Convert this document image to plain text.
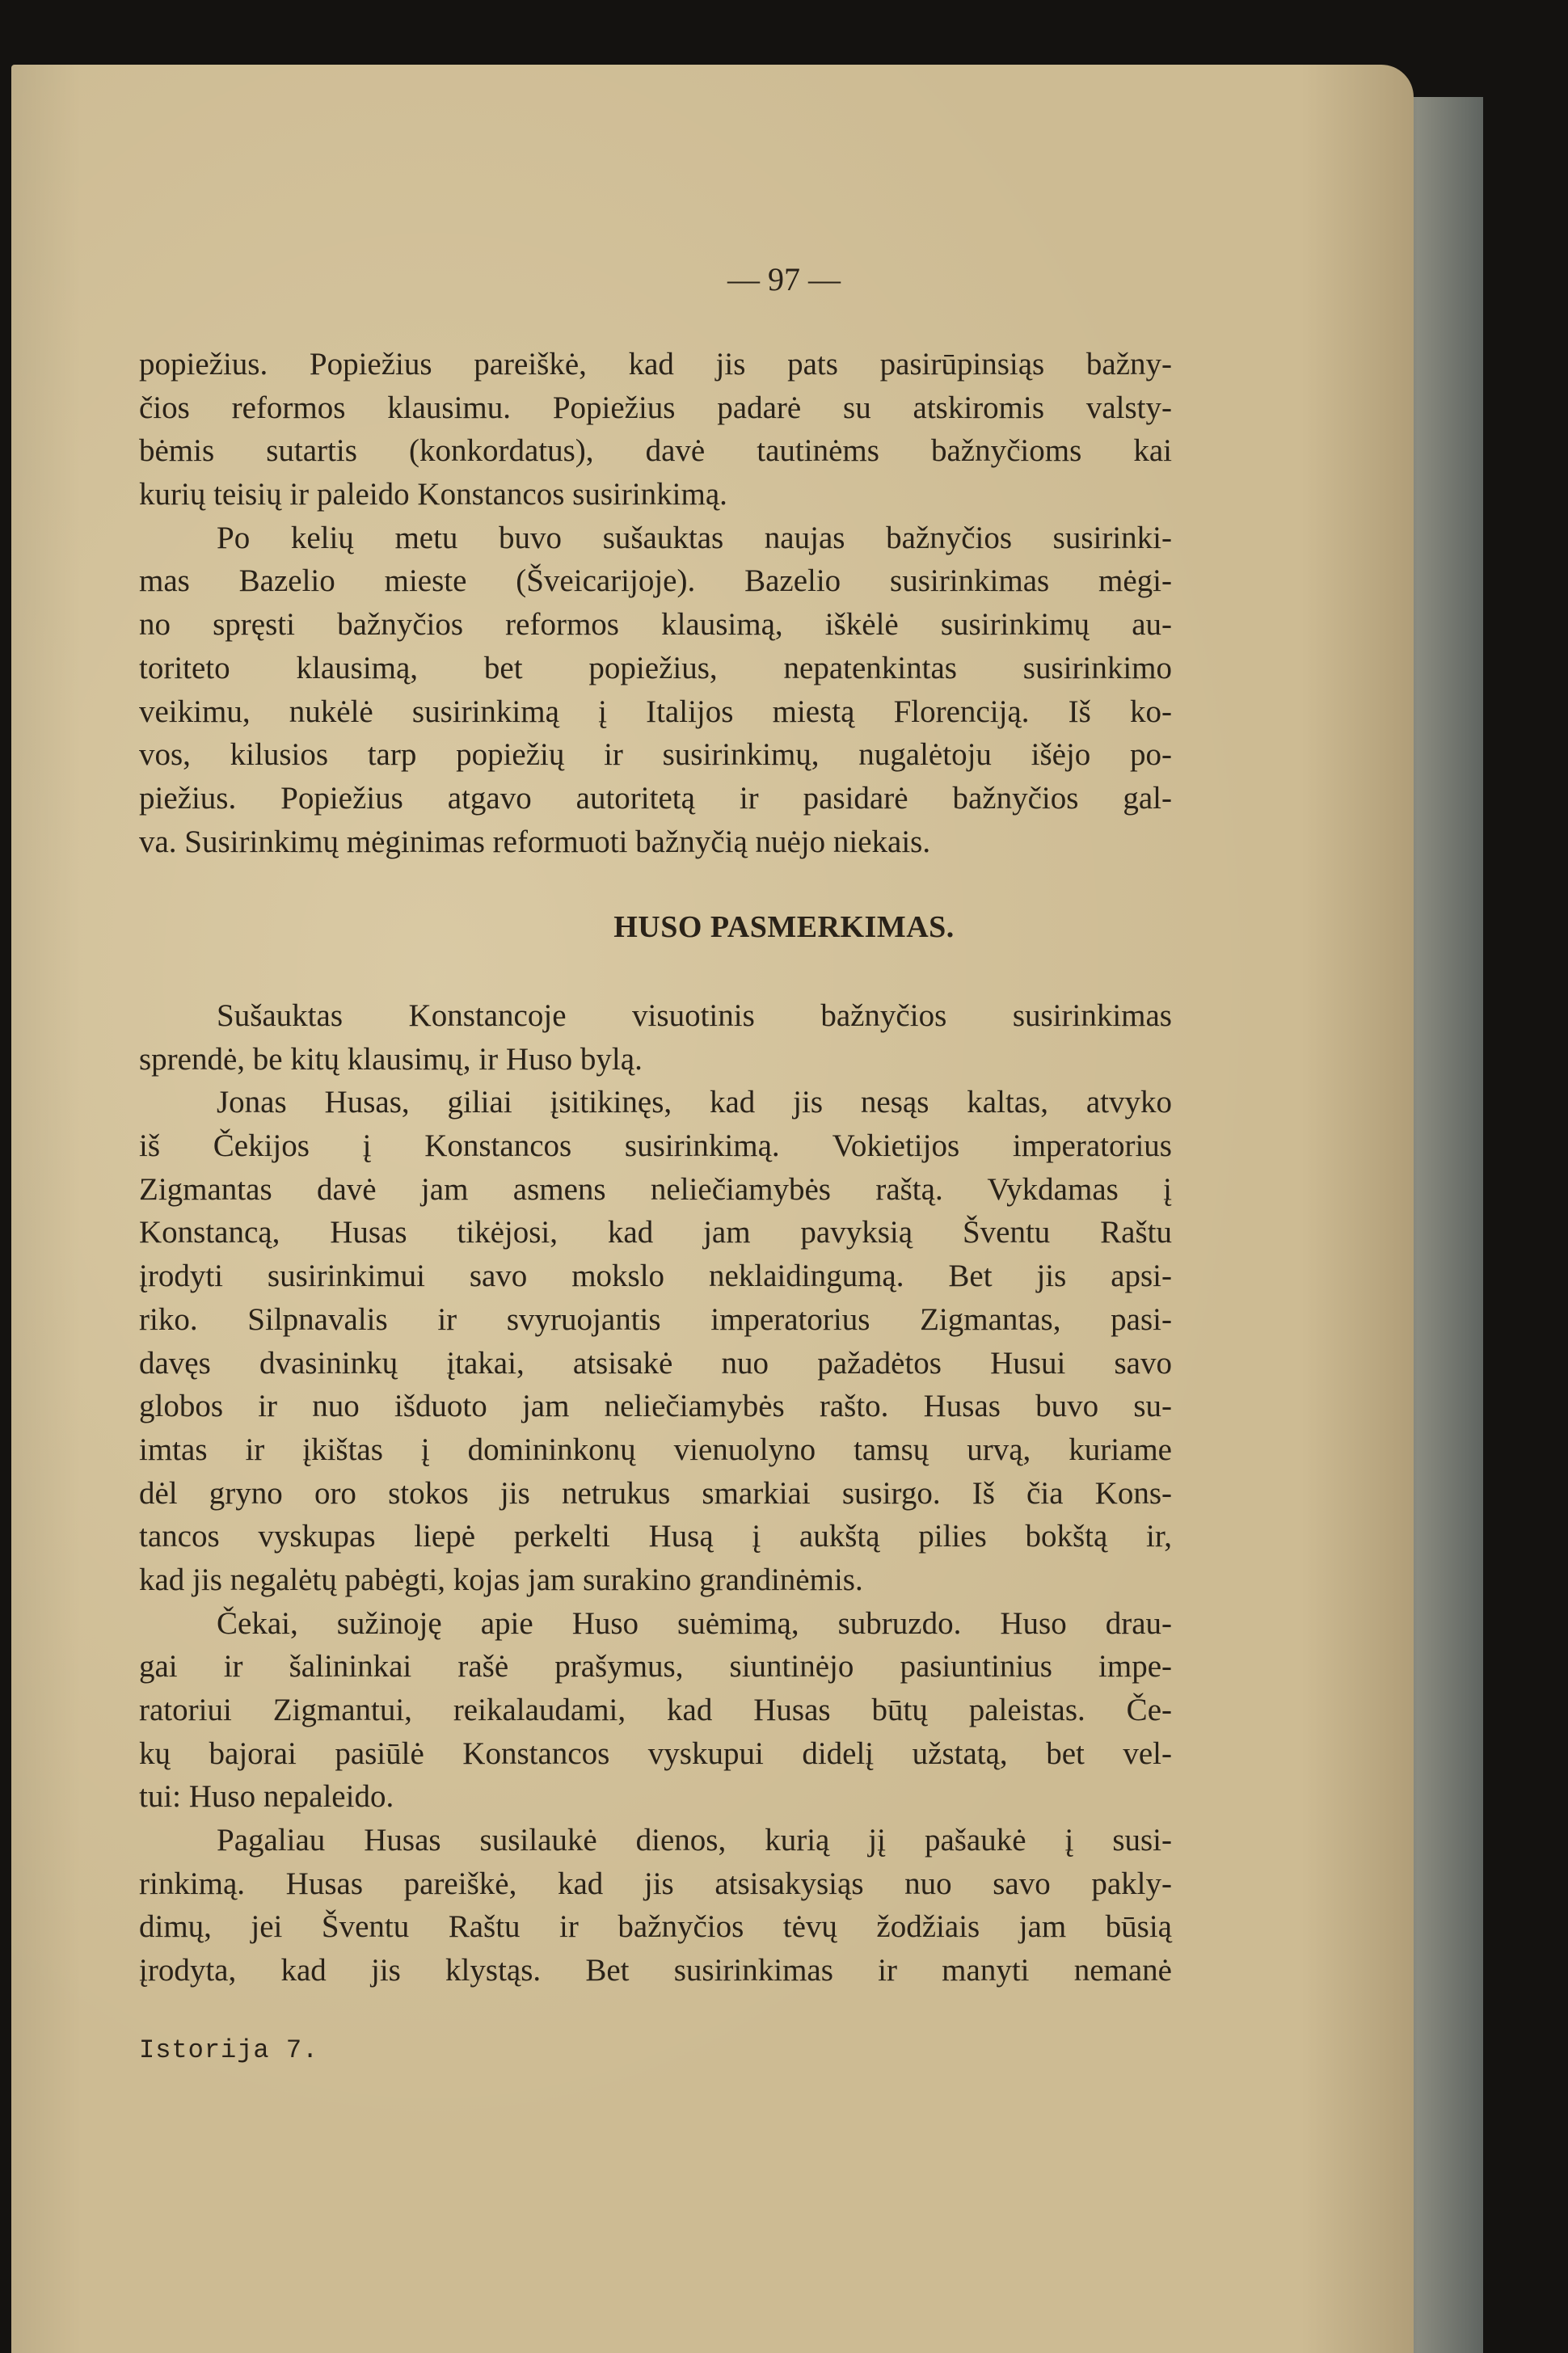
— 97 —
popiežius. Popiežius pareiškė, kad jis pats pasirūpinsiąs bažny-
čios reformos klausimu. Popiežius padarė su atskiromis valsty-
bėmis sutartis (konkordatus), davė tautinėms bažnyčioms kai
kurių teisių ir paleido Konstancos susirinkimą.
Po kelių metu buvo sušauktas naujas bažnyčios susirinki-
mas Bazelio mieste (Šveicarijoje). Bazelio susirinkimas mėgi-
no spręsti bažnyčios reformos klausimą, iškėlė susirinkimų au-
toriteto klausimą, bet popiežius, nepatenkintas susirinkimo
veikimu, nukėlė susirinkimą į Italijos miestą Florenciją. Iš ko-
vos, kilusios tarp popiežių ir susirinkimų, nugalėtoju išėjo po-
piežius. Popiežius atgavo autoritetą ir pasidarė bažnyčios gal-
va. Susirinkimų mėginimas reformuoti bažnyčią nuėjo niekais.
HUSO PASMERKIMAS.
Sušauktas Konstancoje visuotinis bažnyčios susirinkimas
sprendė, be kitų klausimų, ir Huso bylą.
Jonas Husas, giliai įsitikinęs, kad jis nesąs kaltas, atvyko
iš Čekijos į Konstancos susirinkimą. Vokietijos imperatorius
Zigmantas davė jam asmens neliečiamybės raštą. Vykdamas į
Konstancą, Husas tikėjosi, kad jam pavyksią Šventu Raštu
įrodyti susirinkimui savo mokslo neklaidingumą. Bet jis apsi-
riko. Silpnavalis ir svyruojantis imperatorius Zigmantas, pasi-
davęs dvasininkų įtakai, atsisakė nuo pažadėtos Husui savo
globos ir nuo išduoto jam neliečiamybės rašto. Husas buvo su-
imtas ir įkištas į domininkonų vienuolyno tamsų urvą, kuriame
dėl gryno oro stokos jis netrukus smarkiai susirgo. Iš čia Kons-
tancos vyskupas liepė perkelti Husą į aukštą pilies bokštą ir,
kad jis negalėtų pabėgti, kojas jam surakino grandinėmis.
Čekai, sužinoję apie Huso suėmimą, subruzdo. Huso drau-
gai ir šalininkai rašė prašymus, siuntinėjo pasiuntinius impe-
ratoriui Zigmantui, reikalaudami, kad Husas būtų paleistas. Če-
kų bajorai pasiūlė Konstancos vyskupui didelį užstatą, bet vel-
tui: Huso nepaleido.
Pagaliau Husas susilaukė dienos, kurią jį pašaukė į susi-
rinkimą. Husas pareiškė, kad jis atsisakysiąs nuo savo pakly-
dimų, jei Šventu Raštu ir bažnyčios tėvų žodžiais jam būsią
įrodyta, kad jis klystąs. Bet susirinkimas ir manyti nemanė
Istorija 7.
